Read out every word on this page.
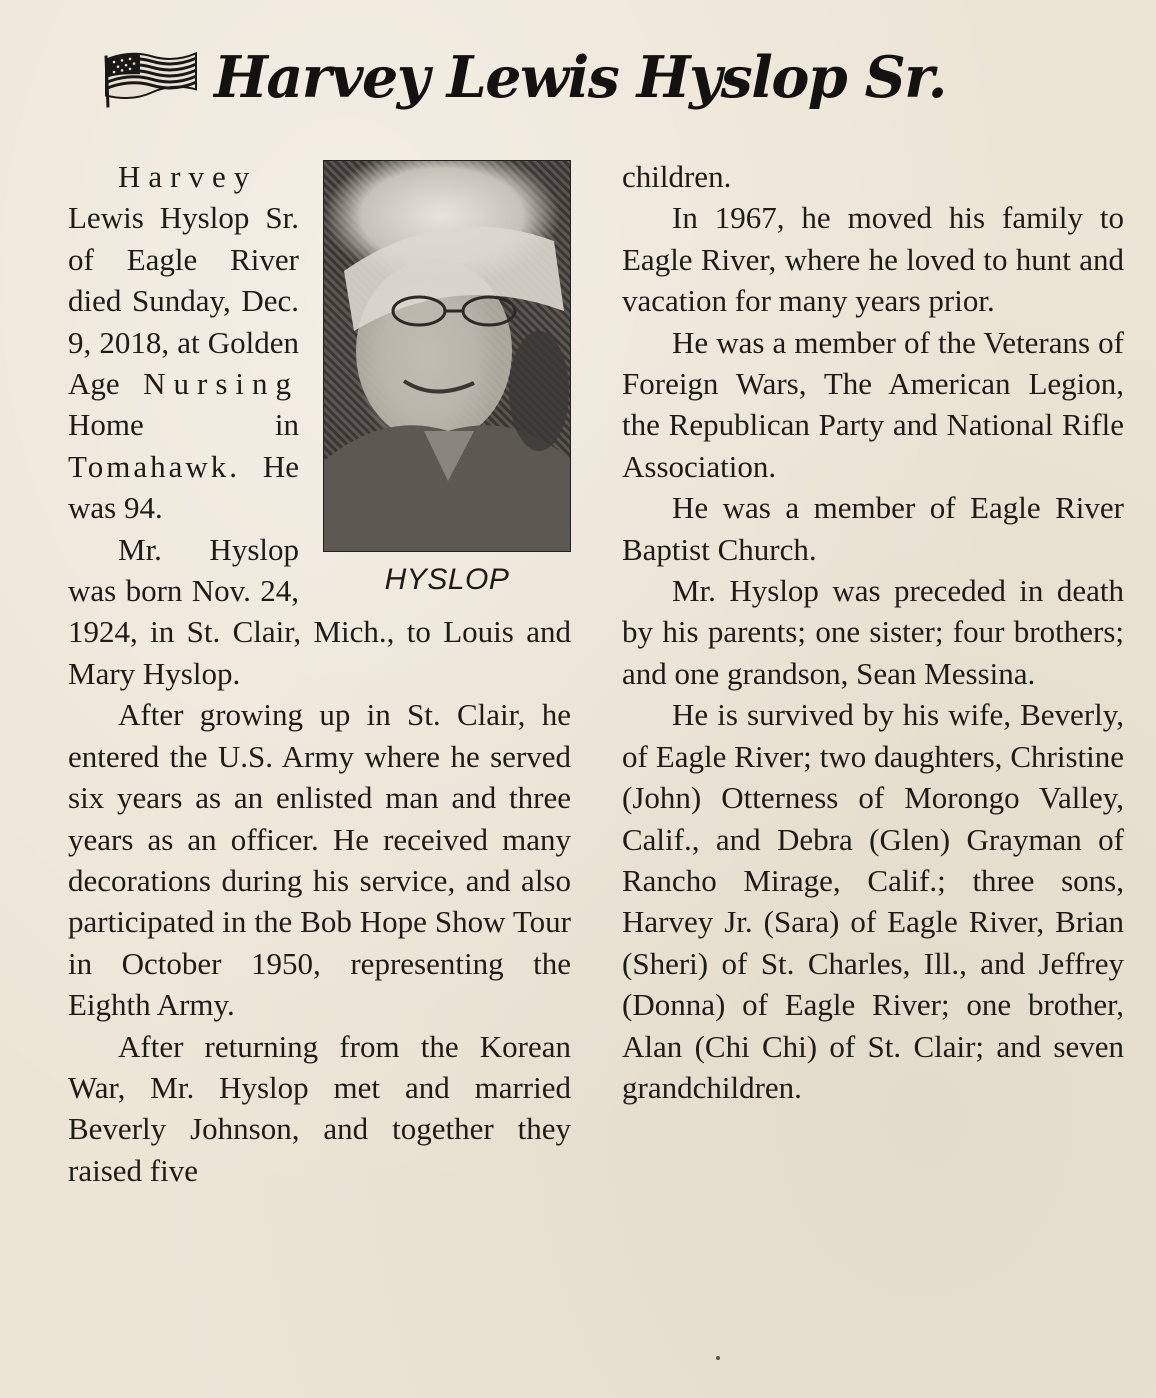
Harvey Lewis Hyslop Sr.
HYSLOP

Harvey Lewis Hyslop Sr. of Eagle River died Sunday, Dec. 9, 2018, at Golden Age Nursing Home in Tomahawk. He was 94.

Mr. Hyslop was born Nov. 24, 1924, in St. Clair, Mich., to Louis and Mary Hyslop.

After growing up in St. Clair, he entered the U.S. Army where he served six years as an enlisted man and three years as an officer. He received many decorations during his service, and also participated in the Bob Hope Show Tour in October 1950, representing the Eighth Army.

After returning from the Korean War, Mr. Hyslop met and married Beverly Johnson, and together they raised five

children.

In 1967, he moved his family to Eagle River, where he loved to hunt and vacation for many years prior.

He was a member of the Veterans of Foreign Wars, The American Legion, the Republican Party and National Rifle Association.

He was a member of Eagle River Baptist Church.

Mr. Hyslop was preceded in death by his parents; one sister; four brothers; and one grandson, Sean Messina.

He is survived by his wife, Beverly, of Eagle River; two daughters, Christine (John) Otterness of Morongo Valley, Calif., and Debra (Glen) Grayman of Rancho Mirage, Calif.; three sons, Harvey Jr. (Sara) of Eagle River, Brian (Sheri) of St. Charles, Ill., and Jeffrey (Donna) of Eagle River; one brother, Alan (Chi Chi) of St. Clair; and seven grandchildren.
